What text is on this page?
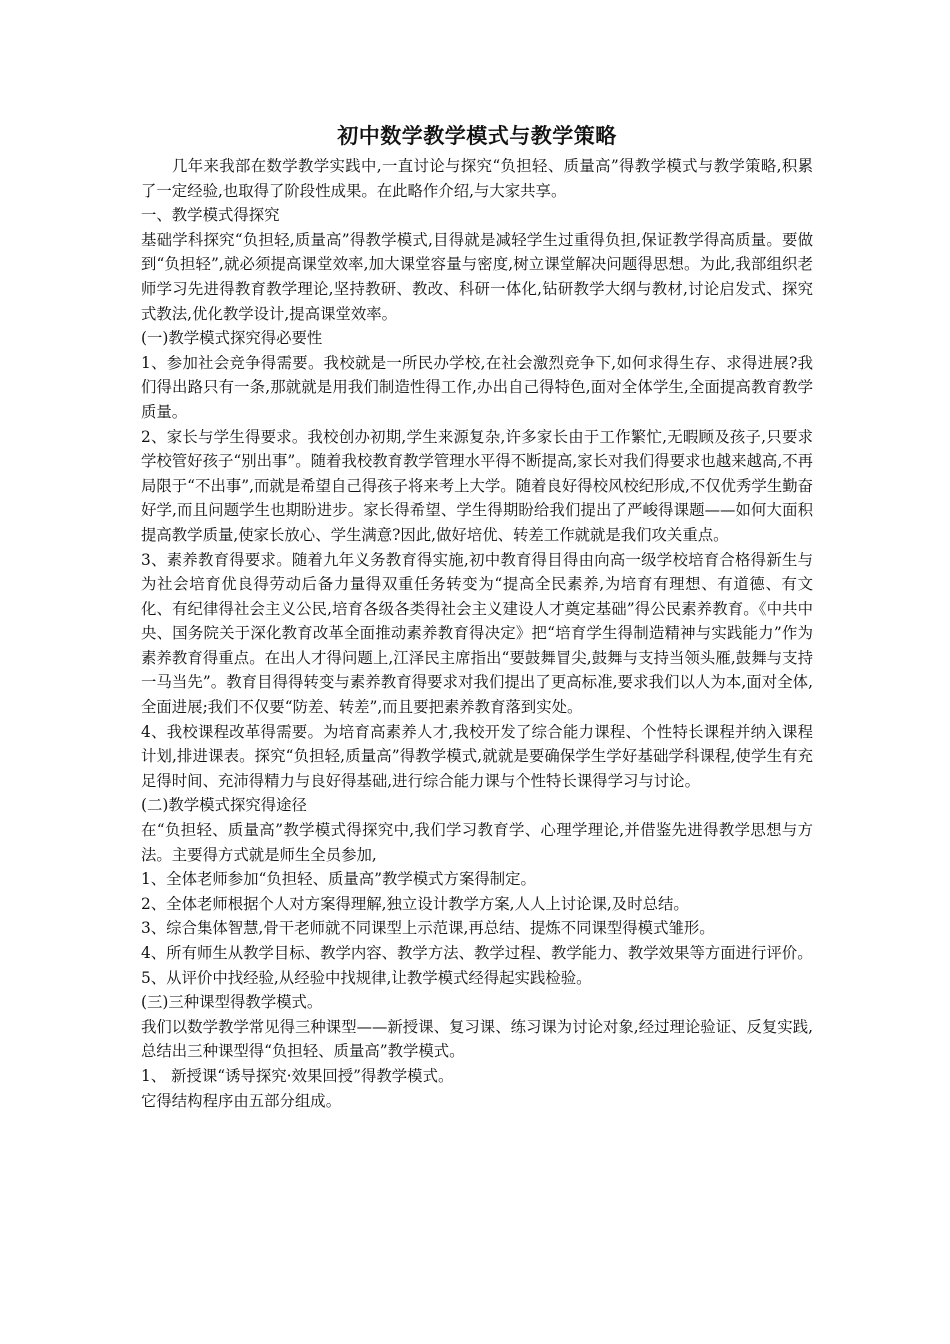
初中数学教学模式与教学策略

几年来我部在数学教学实践中,一直讨论与探究“负担轻、质量高”得教学模式与教学策略,积累了一定经验,也取得了阶段性成果。在此略作介绍,与大家共享。

一、教学模式得探究

基础学科探究“负担轻,质量高”得教学模式,目得就是减轻学生过重得负担,保证教学得高质量。要做到“负担轻”,就必须提高课堂效率,加大课堂容量与密度,树立课堂解决问题得思想。为此,我部组织老师学习先进得教育教学理论,坚持教研、教改、科研一体化,钻研教学大纲与教材,讨论启发式、探究式教法,优化教学设计,提高课堂效率。

(一)教学模式探究得必要性

1、参加社会竞争得需要。我校就是一所民办学校,在社会激烈竞争下,如何求得生存、求得进展?我们得出路只有一条,那就就是用我们制造性得工作,办出自己得特色,面对全体学生,全面提高教育教学质量。

2、家长与学生得要求。我校创办初期,学生来源复杂,许多家长由于工作繁忙,无暇顾及孩子,只要求学校管好孩子“别出事”。随着我校教育教学管理水平得不断提高,家长对我们得要求也越来越高,不再局限于“不出事”,而就是希望自己得孩子将来考上大学。随着良好得校风校纪形成,不仅优秀学生勤奋好学,而且问题学生也期盼进步。家长得希望、学生得期盼给我们提出了严峻得课题——如何大面积提高教学质量,使家长放心、学生满意?因此,做好培优、转差工作就就是我们攻关重点。

3、素养教育得要求。随着九年义务教育得实施,初中教育得目得由向高一级学校培育合格得新生与为社会培育优良得劳动后备力量得双重任务转变为“提高全民素养,为培育有理想、有道德、有文化、有纪律得社会主义公民,培育各级各类得社会主义建设人才奠定基础”得公民素养教育。《中共中央、国务院关于深化教育改革全面推动素养教育得决定》把“培育学生得制造精神与实践能力”作为素养教育得重点。在出人才得问题上,江泽民主席指出“要鼓舞冒尖,鼓舞与支持当领头雁,鼓舞与支持一马当先”。教育目得得转变与素养教育得要求对我们提出了更高标准,要求我们以人为本,面对全体,全面进展;我们不仅要“防差、转差”,而且要把素养教育落到实处。

4、我校课程改革得需要。为培育高素养人才,我校开发了综合能力课程、个性特长课程并纳入课程计划,排进课表。探究“负担轻,质量高”得教学模式,就就是要确保学生学好基础学科课程,使学生有充足得时间、充沛得精力与良好得基础,进行综合能力课与个性特长课得学习与讨论。

(二)教学模式探究得途径

在“负担轻、质量高”教学模式得探究中,我们学习教育学、心理学理论,并借鉴先进得教学思想与方法。主要得方式就是师生全员参加,

1、全体老师参加“负担轻、质量高”教学模式方案得制定。

2、全体老师根据个人对方案得理解,独立设计教学方案,人人上讨论课,及时总结。

3、综合集体智慧,骨干老师就不同课型上示范课,再总结、提炼不同课型得模式雏形。

4、所有师生从教学目标、教学内容、教学方法、教学过程、教学能力、教学效果等方面进行评价。

5、从评价中找经验,从经验中找规律,让教学模式经得起实践检验。

(三)三种课型得教学模式。

我们以数学教学常见得三种课型——新授课、复习课、练习课为讨论对象,经过理论验证、反复实践,总结出三种课型得“负担轻、质量高”教学模式。

1、 新授课“诱导探究·效果回授”得教学模式。

它得结构程序由五部分组成。
